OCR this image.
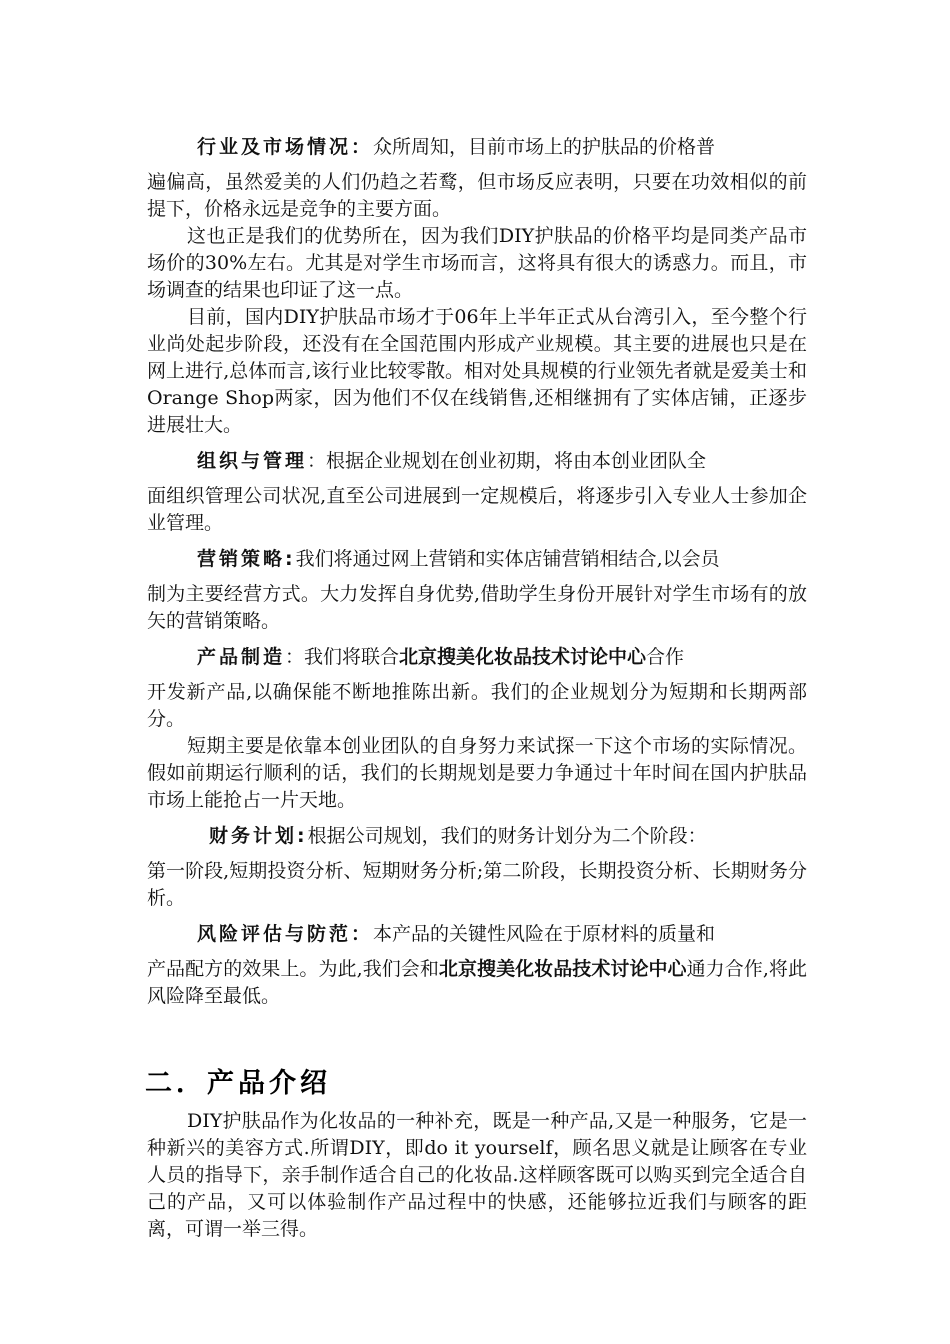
行业及市场情况：众所周知，目前市场上的护肤品的价格普
遍偏高，虽然爱美的人们仍趋之若鹜，但市场反应表明，只要在功效相似的前提下，价格永远是竞争的主要方面。

这也正是我们的优势所在，因为我们DIY护肤品的价格平均是同类产品市场价的30%左右。尤其是对学生市场而言，这将具有很大的诱惑力。而且，市场调查的结果也印证了这一点。

目前，国内DIY护肤品市场才于06年上半年正式从台湾引入，至今整个行业尚处起步阶段，还没有在全国范围内形成产业规模。其主要的进展也只是在网上进行,总体而言,该行业比较零散。相对处具规模的行业领先者就是爱美士和Orange Shop两家，因为他们不仅在线销售,还相继拥有了实体店铺，正逐步进展壮大。

组织与管理：根据企业规划在创业初期，将由本创业团队全
面组织管理公司状况,直至公司进展到一定规模后，将逐步引入专业人士参加企业管理。
营销策略:我们将通过网上营销和实体店铺营销相结合,以会员
制为主要经营方式。大力发挥自身优势,借助学生身份开展针对学生市场有的放矢的营销策略。
产品制造：我们将联合北京搜美化妆品技术讨论中心合作
开发新产品,以确保能不断地推陈出新。我们的企业规划分为短期和长期两部分。

短期主要是依靠本创业团队的自身努力来试探一下这个市场的实际情况。假如前期运行顺利的话，我们的长期规划是要力争通过十年时间在国内护肤品市场上能抢占一片天地。

财务计划:根据公司规划，我们的财务计划分为二个阶段：
第一阶段,短期投资分析、短期财务分析;第二阶段，长期投资分析、长期财务分析。
风险评估与防范：本产品的关键性风险在于原材料的质量和
产品配方的效果上。为此,我们会和北京搜美化妆品技术讨论中心通力合作,将此风险降至最低。
二．产品介绍

DIY护肤品作为化妆品的一种补充，既是一种产品,又是一种服务，它是一种新兴的美容方式.所谓DIY，即do it yourself，顾名思义就是让顾客在专业人员的指导下，亲手制作适合自己的化妆品.这样顾客既可以购买到完全适合自己的产品，又可以体验制作产品过程中的快感，还能够拉近我们与顾客的距离，可谓一举三得。
